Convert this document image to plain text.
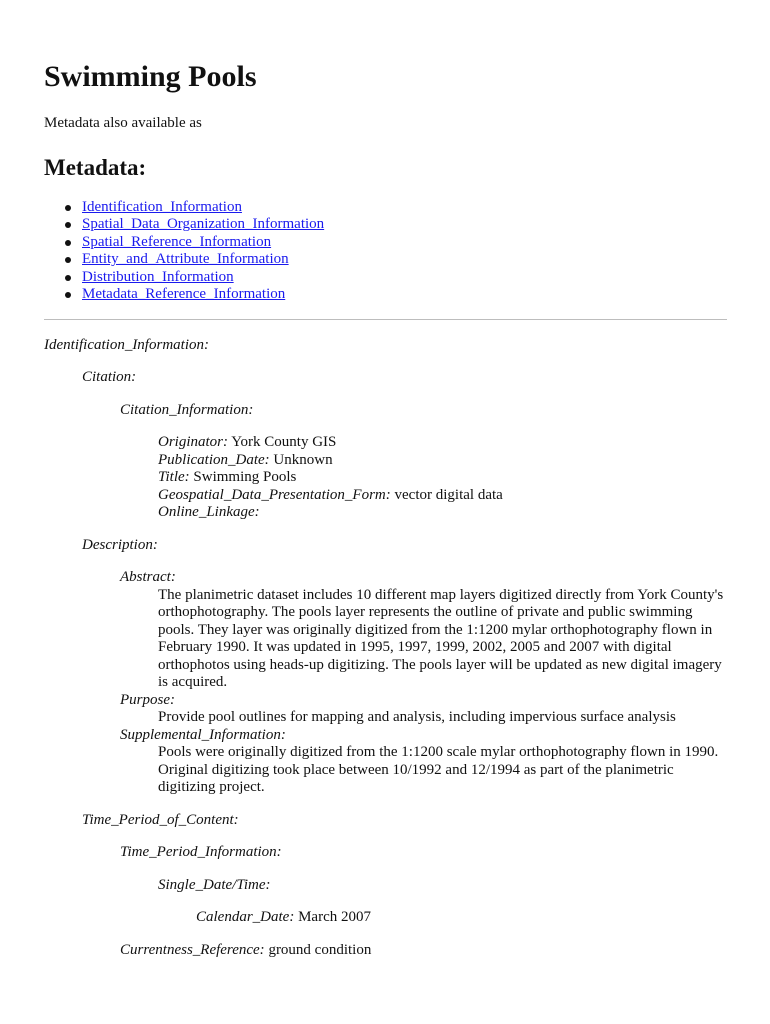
Swimming Pools
Metadata also available as
Metadata:
Identification_Information
Spatial_Data_Organization_Information
Spatial_Reference_Information
Entity_and_Attribute_Information
Distribution_Information
Metadata_Reference_Information
Identification_Information:
Citation:
Citation_Information:
Originator: York County GIS
Publication_Date: Unknown
Title: Swimming Pools
Geospatial_Data_Presentation_Form: vector digital data
Online_Linkage:
Description:
Abstract:
The planimetric dataset includes 10 different map layers digitized directly from York County's orthophotography. The pools layer represents the outline of private and public swimming pools. They layer was originally digitized from the 1:1200 mylar orthophotography flown in February 1990. It was updated in 1995, 1997, 1999, 2002, 2005 and 2007 with digital orthophotos using heads-up digitizing. The pools layer will be updated as new digital imagery is acquired.
Purpose:
Provide pool outlines for mapping and analysis, including impervious surface analysis
Supplemental_Information:
Pools were originally digitized from the 1:1200 scale mylar orthophotography flown in 1990. Original digitizing took place between 10/1992 and 12/1994 as part of the planimetric digitizing project.
Time_Period_of_Content:
Time_Period_Information:
Single_Date/Time:
Calendar_Date: March 2007
Currentness_Reference: ground condition
